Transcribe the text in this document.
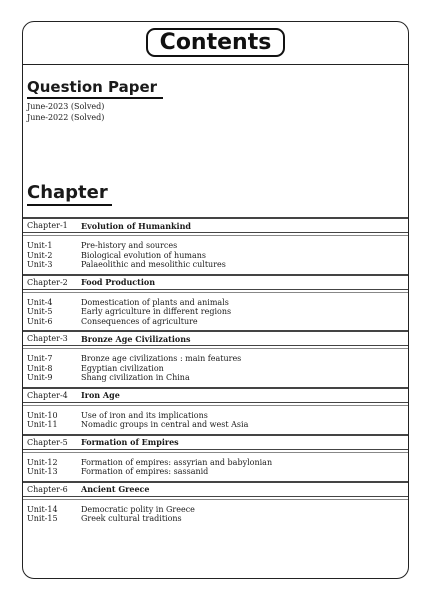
Contents
Question Paper
June-2023 (Solved)
June-2022 (Solved)
Chapter
Chapter-1	Evolution of Humankind
Unit-1	Pre-history and sources
Unit-2	Biological evolution of humans
Unit-3	Palaeolithic and mesolithic cultures
Chapter-2	Food Production
Unit-4	Domestication of plants and animals
Unit-5	Early agriculture in different regions
Unit-6	Consequences of agriculture
Chapter-3	Bronze Age Civilizations
Unit-7	Bronze age civilizations : main features
Unit-8	Egyptian civilization
Unit-9	Shang civilization in China
Chapter-4	Iron Age
Unit-10	Use of iron and its implications
Unit-11	Nomadic groups in central and west Asia
Chapter-5	Formation of Empires
Unit-12	Formation of empires: assyrian and babylonian
Unit-13	Formation of empires: sassanid
Chapter-6	Ancient Greece
Unit-14	Democratic polity in Greece
Unit-15	Greek cultural traditions
